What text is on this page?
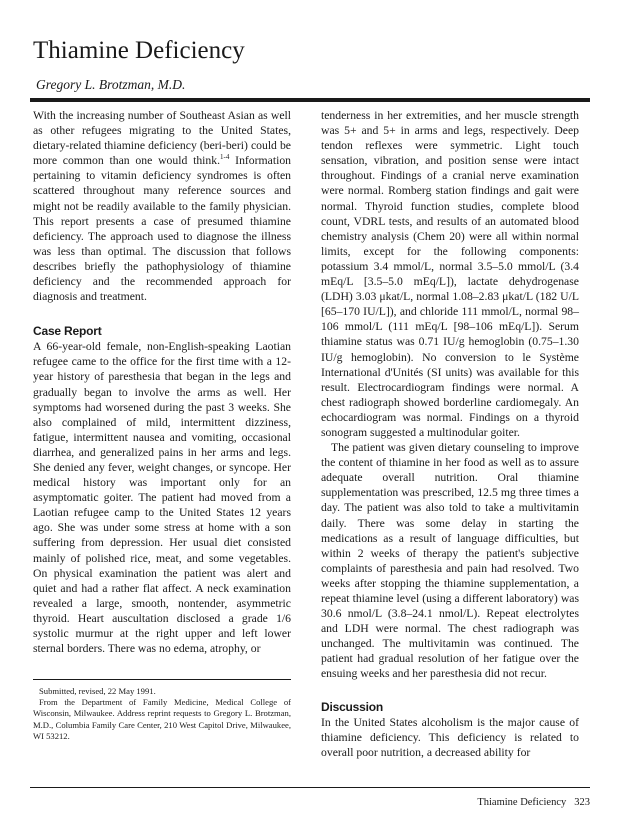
Thiamine Deficiency
Gregory L. Brotzman, M.D.

With the increasing number of Southeast Asian as well as other refugees migrating to the United States, dietary-related thiamine deficiency (beri-beri) could be more common than one would think.$^{1-4}$ Information pertaining to vitamin deficiency syndromes is often scattered throughout many reference sources and might not be readily available to the family physician. This report presents a case of presumed thiamine deficiency. The approach used to diagnose the illness was less than optimal. The discussion that follows describes briefly the pathophysiology of thiamine deficiency and the recommended approach for diagnosis and treatment.

Case Report

A 66-year-old female, non-English-speaking Laotian refugee came to the office for the first time with a 12-year history of paresthesia that began in the legs and gradually began to involve the arms as well. Her symptoms had worsened during the past 3 weeks. She also complained of mild, intermittent dizziness, fatigue, intermittent nausea and vomiting, occasional diarrhea, and generalized pains in her arms and legs. She denied any fever, weight changes, or syncope. Her medical history was important only for an asymptomatic goiter. The patient had moved from a Laotian refugee camp to the United States 12 years ago. She was under some stress at home with a son suffering from depression. Her usual diet consisted mainly of polished rice, meat, and some vegetables. On physical examination the patient was alert and quiet and had a rather flat affect. A neck examination revealed a large, smooth, nontender, asymmetric thyroid. Heart auscultation disclosed a grade 1/6 systolic murmur at the right upper and left lower sternal borders. There was no edema, atrophy, or

Submitted, revised, 22 May 1991.

From the Department of Family Medicine, Medical College of Wisconsin, Milwaukee. Address reprint requests to Gregory L. Brotzman, M.D., Columbia Family Care Center, 210 West Capitol Drive, Milwaukee, WI 53212.

tenderness in her extremities, and her muscle strength was 5+ and 5+ in arms and legs, respectively. Deep tendon reflexes were symmetric. Light touch sensation, vibration, and position sense were intact throughout. Findings of a cranial nerve examination were normal. Romberg station findings and gait were normal. Thyroid function studies, complete blood count, VDRL tests, and results of an automated blood chemistry analysis (Chem 20) were all within normal limits, except for the following components: potassium 3.4 mmol/L, normal 3.5–5.0 mmol/L (3.4 mEq/L [3.5–5.0 mEq/L]), lactate dehydrogenase (LDH) 3.03 μkat/L, normal 1.08–2.83 μkat/L (182 U/L [65–170 IU/L]), and chloride 111 mmol/L, normal 98–106 mmol/L (111 mEq/L [98–106 mEq/L]). Serum thiamine status was 0.71 IU/g hemoglobin (0.75–1.30 IU/g hemoglobin). No conversion to le Système International d'Unités (SI units) was available for this result. Electrocardiogram findings were normal. A chest radiograph showed borderline cardiomegaly. An echocardiogram was normal. Findings on a thyroid sonogram suggested a multinodular goiter.

The patient was given dietary counseling to improve the content of thiamine in her food as well as to assure adequate overall nutrition. Oral thiamine supplementation was prescribed, 12.5 mg three times a day. The patient was also told to take a multivitamin daily. There was some delay in starting the medications as a result of language difficulties, but within 2 weeks of therapy the patient's subjective complaints of paresthesia and pain had resolved. Two weeks after stopping the thiamine supplementation, a repeat thiamine level (using a different laboratory) was 30.6 nmol/L (3.8–24.1 nmol/L). Repeat electrolytes and LDH were normal. The chest radiograph was unchanged. The multivitamin was continued. The patient had gradual resolution of her fatigue over the ensuing weeks and her paresthesia did not recur.

Discussion

In the United States alcoholism is the major cause of thiamine deficiency. This deficiency is related to overall poor nutrition, a decreased ability for

Thiamine Deficiency 323
